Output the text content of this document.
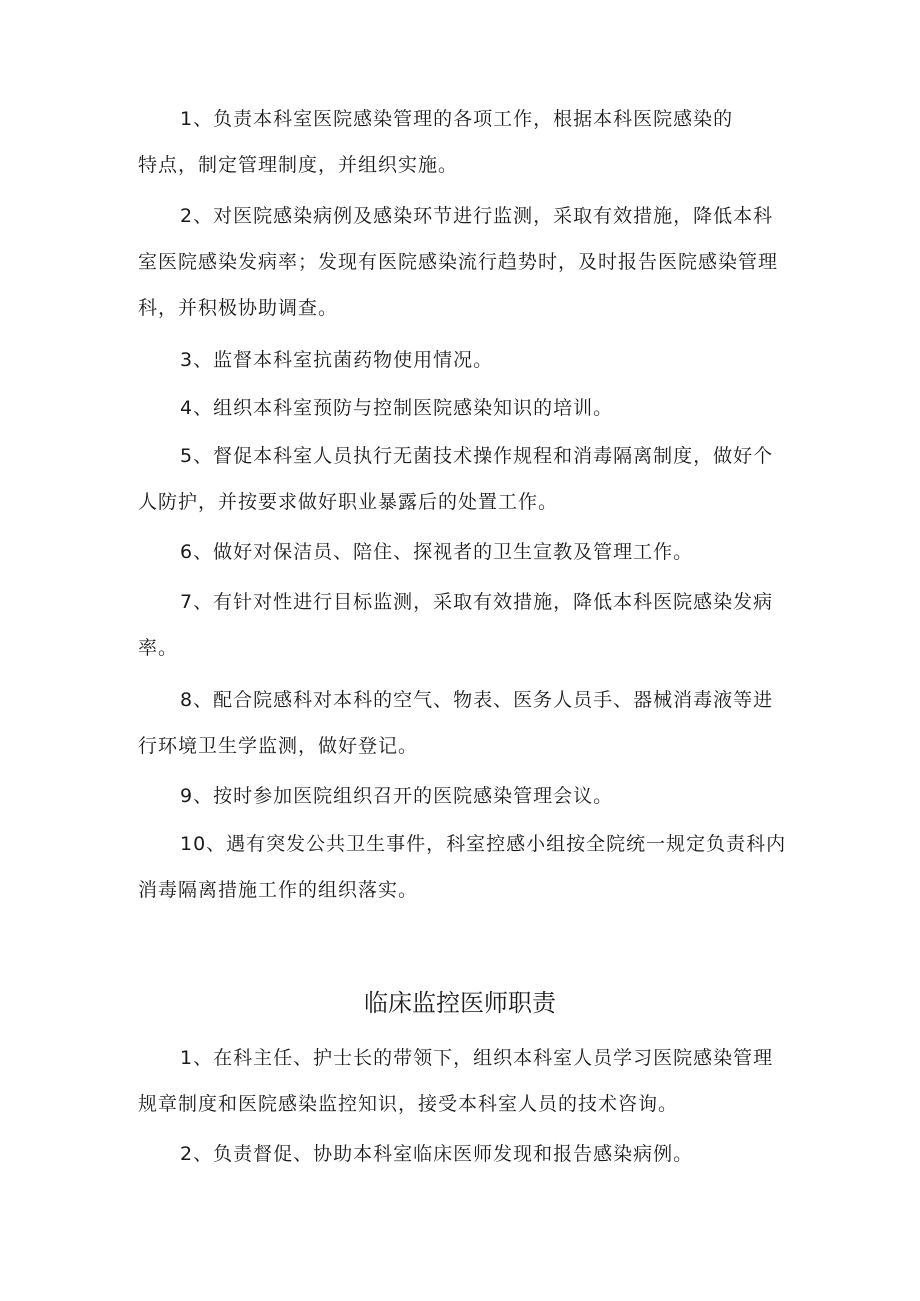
1、负责本科室医院感染管理的各项工作，根据本科医院感染的
特点，制定管理制度，并组织实施。

2、对医院感染病例及感染环节进行监测，采取有效措施，降低本科
室医院感染发病率；发现有医院感染流行趋势时，及时报告医院感染管理
科，并积极协助调查。

3、监督本科室抗菌药物使用情况。

4、组织本科室预防与控制医院感染知识的培训。

5、督促本科室人员执行无菌技术操作规程和消毒隔离制度，做好个
人防护，并按要求做好职业暴露后的处置工作。

6、做好对保洁员、陪住、探视者的卫生宣教及管理工作。

7、有针对性进行目标监测，采取有效措施，降低本科医院感染发病
率。

8、配合院感科对本科的空气、物表、医务人员手、器械消毒液等进
行环境卫生学监测，做好登记。

9、按时参加医院组织召开的医院感染管理会议。

10、遇有突发公共卫生事件，科室控感小组按全院统一规定负责科内
消毒隔离措施工作的组织落实。

临床监控医师职责

1、在科主任、护士长的带领下，组织本科室人员学习医院感染管理
规章制度和医院感染监控知识，接受本科室人员的技术咨询。

2、负责督促、协助本科室临床医师发现和报告感染病例。
